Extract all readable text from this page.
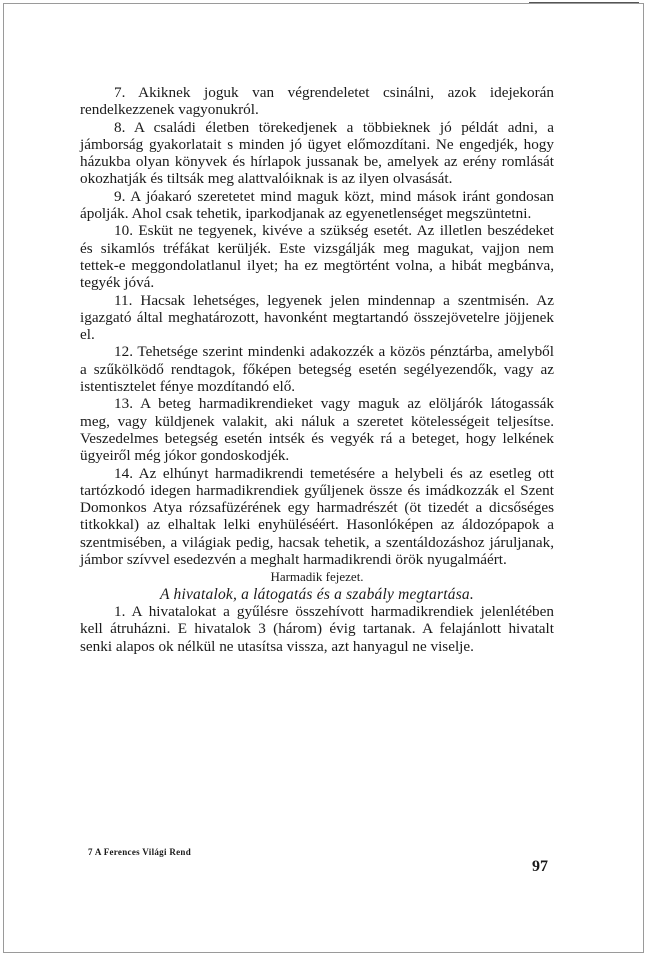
7. Akiknek joguk van végrendeletet csinálni, azok idejekorán rendelkezzenek vagyonukról.

8. A családi életben törekedjenek a többieknek jó példát adni, a jámborság gyakorlatait s minden jó ügyet előmozdítani. Ne engedjék, hogy házukba olyan könyvek és hírlapok jussanak be, amelyek az erény romlását okozhatják és tiltsák meg alattvalóiknak is az ilyen olvasását.

9. A jóakaró szeretetet mind maguk közt, mind mások iránt gondosan ápolják. Ahol csak tehetik, iparkodjanak az egyenetlenséget megszüntetni.

10. Esküt ne tegyenek, kivéve a szükség esetét. Az illetlen beszédeket és sikamlós tréfákat kerüljék. Este vizsgálják meg magukat, vajjon nem tettek-e meggondolatlanul ilyet; ha ez megtörtént volna, a hibát megbánva, tegyék jóvá.

11. Hacsak lehetséges, legyenek jelen mindennap a szentmisén. Az igazgató által meghatározott, havonként megtartandó összejövetelre jöjjenek el.

12. Tehetsége szerint mindenki adakozzék a közös pénztárba, amelyből a szűkölködő rendtagok, főképen betegség esetén segélyezendők, vagy az istentisztelet fénye mozdítandó elő.

13. A beteg harmadikrendieket vagy maguk az elöljárók látogassák meg, vagy küldjenek valakit, aki náluk a szeretet kötelességeit teljesítse. Veszedelmes betegség esetén intsék és vegyék rá a beteget, hogy lelkének ügyeiről még jókor gondoskodjék.

14. Az elhúnyt harmadikrendi temetésére a helybeli és az esetleg ott tartózkodó idegen harmadikrendiek gyűljenek össze és imádkozzák el Szent Domonkos Atya rózsafüzérének egy harmadrészét (öt tizedét a dicsőséges titkokkal) az elhaltak lelki enyhüléséért. Hasonlóképen az áldozópapok a szentmisében, a világiak pedig, hacsak tehetik, a szentáldozáshoz járuljanak, jámbor szívvel esedezvén a meghalt harmadikrendi örök nyugalmáért.

Harmadik fejezet.

A hivatalok, a látogatás és a szabály megtartása.

1. A hivatalokat a gyűlésre összehívott harmadikrendiek jelenlétében kell átruházni. E hivatalok 3 (három) évig tartanak. A felajánlott hivatalt senki alapos ok nélkül ne utasítsa vissza, azt hanyagul ne viselje.

7 A Ferences Világi Rend
97
